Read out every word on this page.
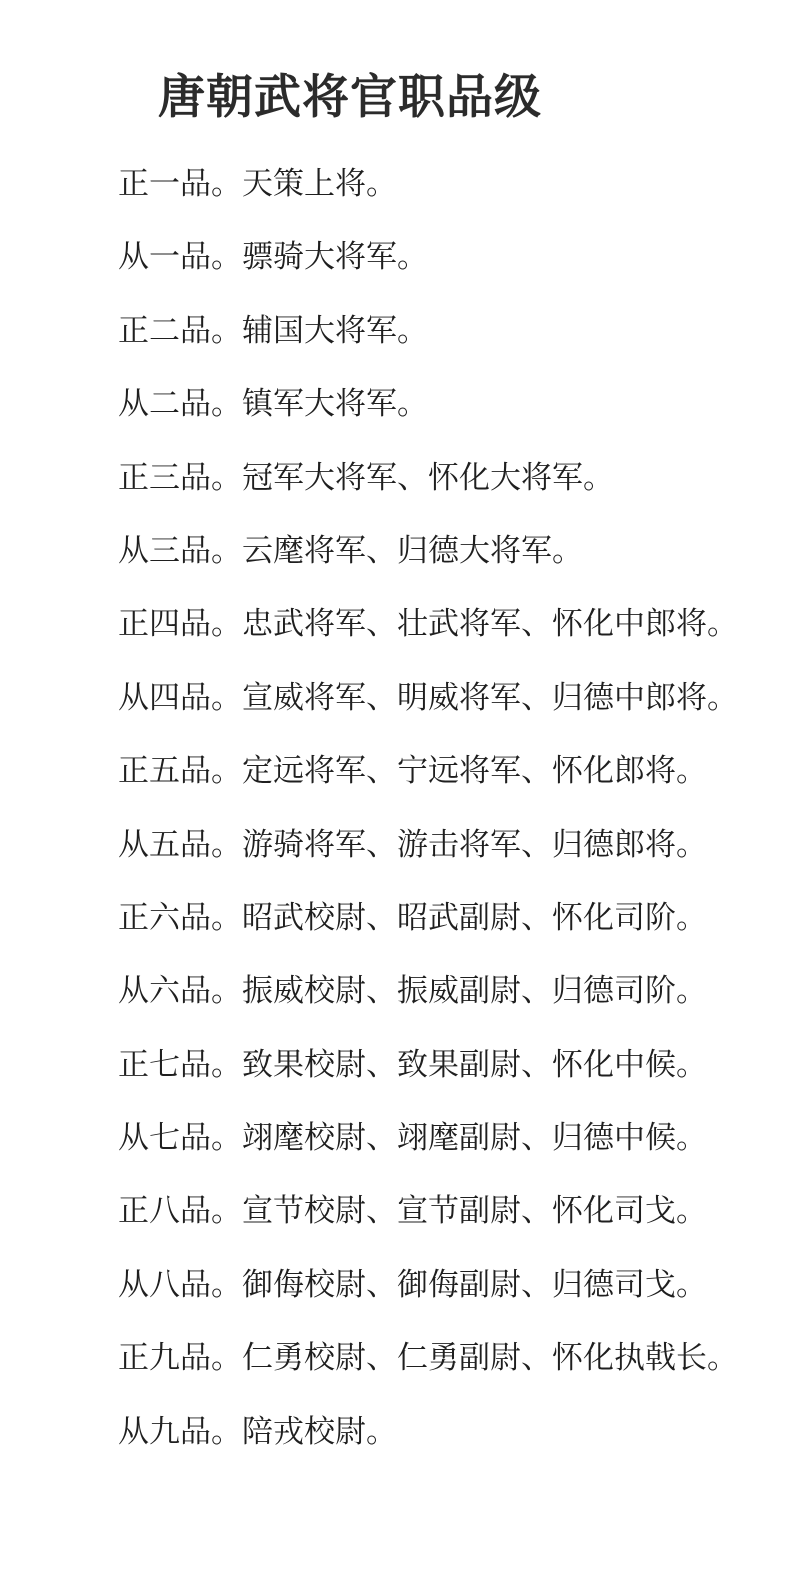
唐朝武将官职品级
正一品。天策上将。
从一品。骠骑大将军。
正二品。辅国大将军。
从二品。镇军大将军。
正三品。冠军大将军、怀化大将军。
从三品。云麾将军、归德大将军。
正四品。忠武将军、壮武将军、怀化中郎将。
从四品。宣威将军、明威将军、归德中郎将。
正五品。定远将军、宁远将军、怀化郎将。
从五品。游骑将军、游击将军、归德郎将。
正六品。昭武校尉、昭武副尉、怀化司阶。
从六品。振威校尉、振威副尉、归德司阶。
正七品。致果校尉、致果副尉、怀化中候。
从七品。翊麾校尉、翊麾副尉、归德中候。
正八品。宣节校尉、宣节副尉、怀化司戈。
从八品。御侮校尉、御侮副尉、归德司戈。
正九品。仁勇校尉、仁勇副尉、怀化执戟长。
从九品。陪戎校尉。
